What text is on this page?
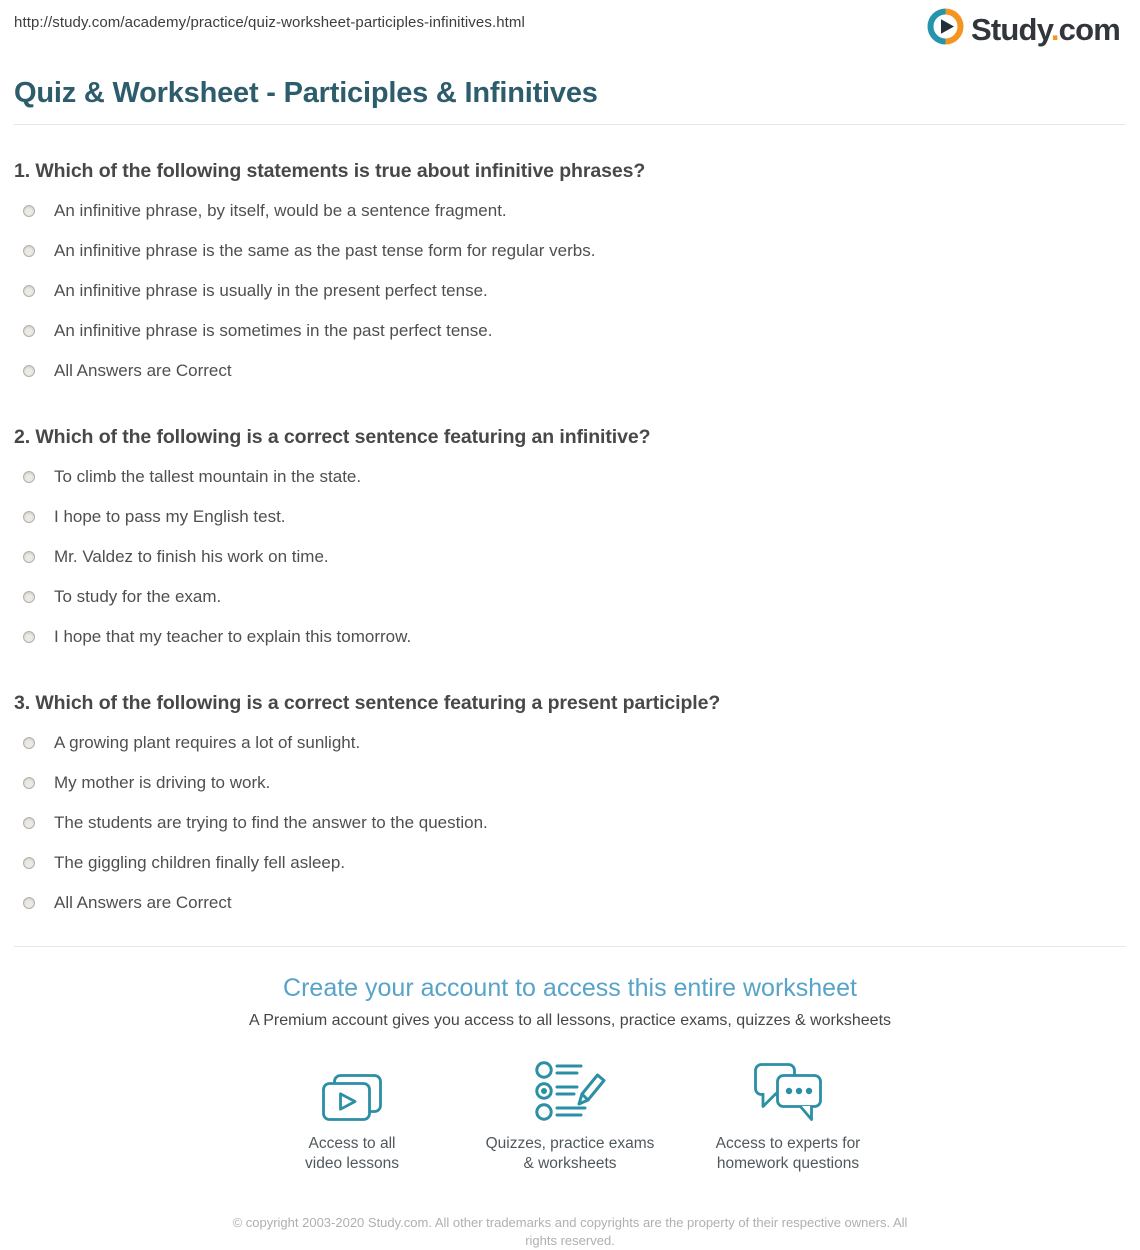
http://study.com/academy/practice/quiz-worksheet-participles-infinitives.html	Study.com
Quiz & Worksheet - Participles & Infinitives
1. Which of the following statements is true about infinitive phrases?
An infinitive phrase, by itself, would be a sentence fragment.
An infinitive phrase is the same as the past tense form for regular verbs.
An infinitive phrase is usually in the present perfect tense.
An infinitive phrase is sometimes in the past perfect tense.
All Answers are Correct
2. Which of the following is a correct sentence featuring an infinitive?
To climb the tallest mountain in the state.
I hope to pass my English test.
Mr. Valdez to finish his work on time.
To study for the exam.
I hope that my teacher to explain this tomorrow.
3. Which of the following is a correct sentence featuring a present participle?
A growing plant requires a lot of sunlight.
My mother is driving to work.
The students are trying to find the answer to the question.
The giggling children finally fell asleep.
All Answers are Correct
Create your account to access this entire worksheet

A Premium account gives you access to all lessons, practice exams, quizzes & worksheets

Access to all
video lessons
Quizzes, practice exams
& worksheets
Access to experts for
homework questions

© copyright 2003-2020 Study.com. All other trademarks and copyrights are the property of their respective owners. All rights reserved.
